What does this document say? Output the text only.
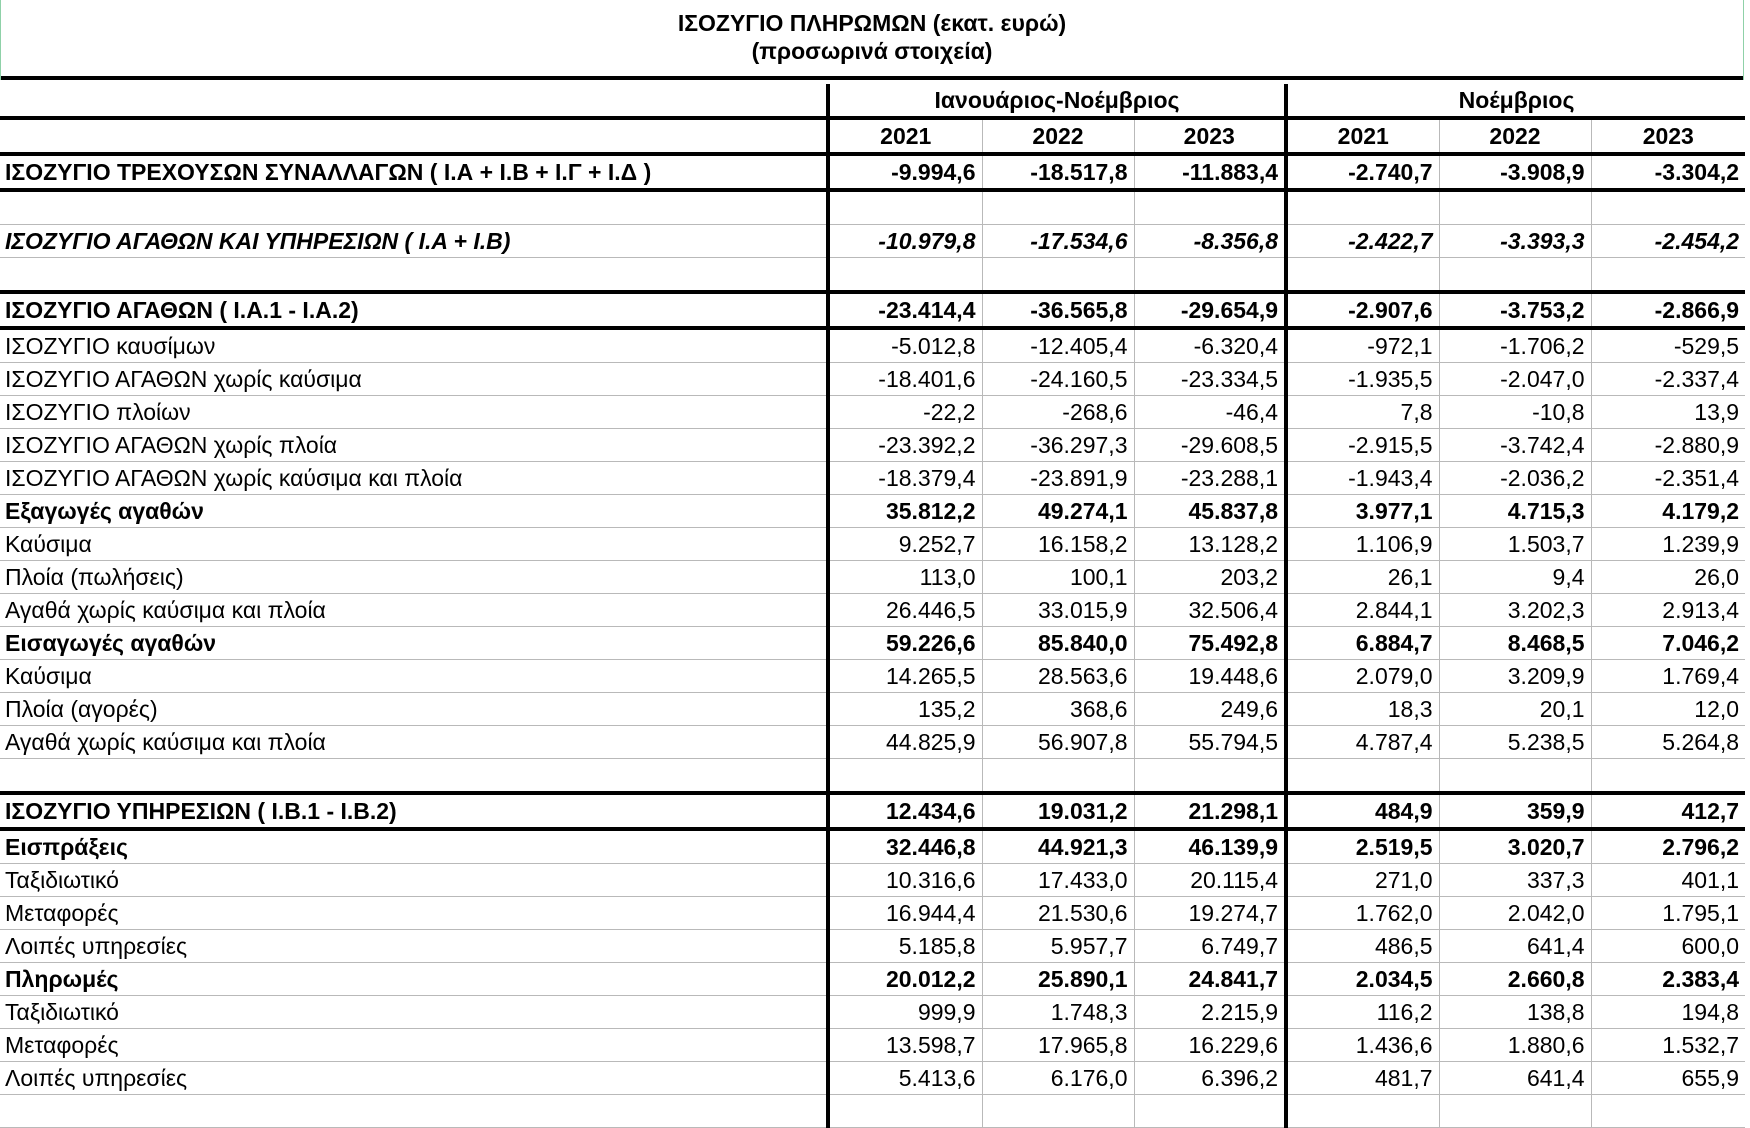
ΙΣΟΖΥΓΙΟ ΠΛΗΡΩΜΩΝ (εκατ. ευρώ)
(προσωρινά στοιχεία)
	Ιανουάριος-Νοέμβριος			Νοέμβριος		
	2021	2022	2023	2021	2022	2023
ΙΣΟΖΥΓΙΟ ΤΡΕΧΟΥΣΩΝ ΣΥΝΑΛΛΑΓΩΝ ( Ι.Α + Ι.Β + Ι.Γ + Ι.Δ )	-9.994,6	-18.517,8	-11.883,4	-2.740,7	-3.908,9	-3.304,2

ΙΣΟΖΥΓΙΟ ΑΓΑΘΩΝ ΚΑΙ ΥΠΗΡΕΣΙΩΝ ( Ι.Α + Ι.Β)	-10.979,8	-17.534,6	-8.356,8	-2.422,7	-3.393,3	-2.454,2

ΙΣΟΖΥΓΙΟ ΑΓΑΘΩΝ ( Ι.Α.1 - Ι.Α.2)	-23.414,4	-36.565,8	-29.654,9	-2.907,6	-3.753,2	-2.866,9
ΙΣΟΖΥΓΙΟ καυσίμων	-5.012,8	-12.405,4	-6.320,4	-972,1	-1.706,2	-529,5
ΙΣΟΖΥΓΙΟ ΑΓΑΘΩΝ χωρίς καύσιμα	-18.401,6	-24.160,5	-23.334,5	-1.935,5	-2.047,0	-2.337,4
ΙΣΟΖΥΓΙΟ πλοίων	-22,2	-268,6	-46,4	7,8	-10,8	13,9
ΙΣΟΖΥΓΙΟ ΑΓΑΘΩΝ χωρίς πλοία	-23.392,2	-36.297,3	-29.608,5	-2.915,5	-3.742,4	-2.880,9
ΙΣΟΖΥΓΙΟ ΑΓΑΘΩΝ χωρίς καύσιμα και πλοία	-18.379,4	-23.891,9	-23.288,1	-1.943,4	-2.036,2	-2.351,4
Εξαγωγές αγαθών	35.812,2	49.274,1	45.837,8	3.977,1	4.715,3	4.179,2
Καύσιμα	9.252,7	16.158,2	13.128,2	1.106,9	1.503,7	1.239,9
Πλοία (πωλήσεις)	113,0	100,1	203,2	26,1	9,4	26,0
Αγαθά χωρίς καύσιμα και πλοία	26.446,5	33.015,9	32.506,4	2.844,1	3.202,3	2.913,4
Εισαγωγές αγαθών	59.226,6	85.840,0	75.492,8	6.884,7	8.468,5	7.046,2
Καύσιμα	14.265,5	28.563,6	19.448,6	2.079,0	3.209,9	1.769,4
Πλοία (αγορές)	135,2	368,6	249,6	18,3	20,1	12,0
Αγαθά χωρίς καύσιμα και πλοία	44.825,9	56.907,8	55.794,5	4.787,4	5.238,5	5.264,8

ΙΣΟΖΥΓΙΟ ΥΠΗΡΕΣΙΩΝ ( Ι.Β.1 - Ι.Β.2)	12.434,6	19.031,2	21.298,1	484,9	359,9	412,7
Εισπράξεις	32.446,8	44.921,3	46.139,9	2.519,5	3.020,7	2.796,2
Ταξιδιωτικό	10.316,6	17.433,0	20.115,4	271,0	337,3	401,1
Μεταφορές	16.944,4	21.530,6	19.274,7	1.762,0	2.042,0	1.795,1
Λοιπές υπηρεσίες	5.185,8	5.957,7	6.749,7	486,5	641,4	600,0
Πληρωμές	20.012,2	25.890,1	24.841,7	2.034,5	2.660,8	2.383,4
Ταξιδιωτικό	999,9	1.748,3	2.215,9	116,2	138,8	194,8
Μεταφορές	13.598,7	17.965,8	16.229,6	1.436,6	1.880,6	1.532,7
Λοιπές υπηρεσίες	5.413,6	6.176,0	6.396,2	481,7	641,4	655,9
